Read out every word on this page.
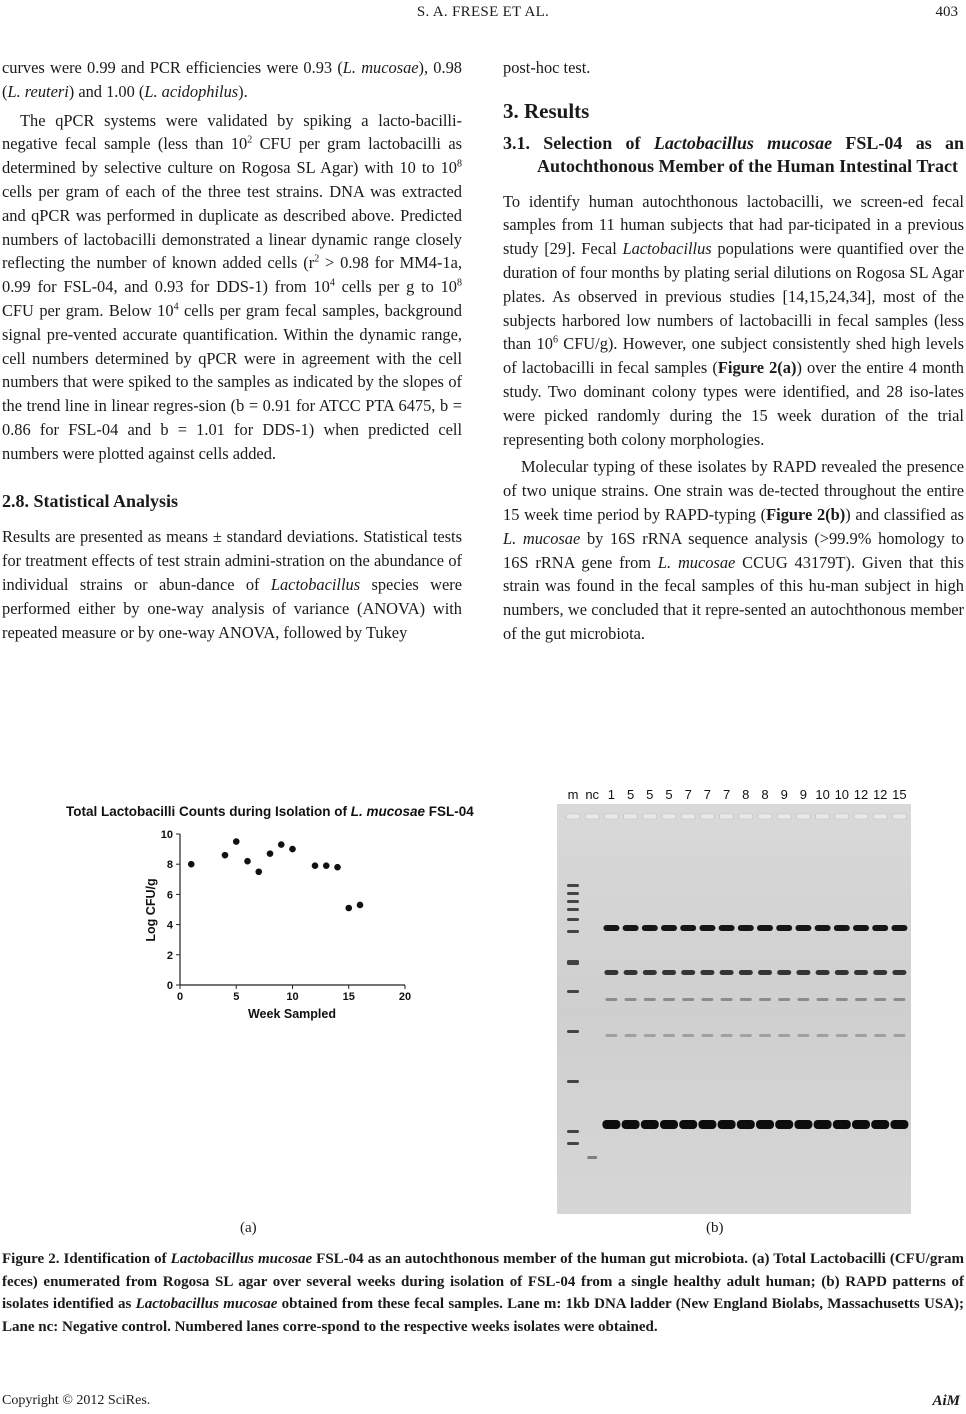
S. A. FRESE ET AL.	403

curves were 0.99 and PCR efficiencies were 0.93 (L. mucosae), 0.98 (L. reuteri) and 1.00 (L. acidophilus).

The qPCR systems were validated by spiking a lacto-bacilli-negative fecal sample (less than $10^2$ CFU per gram lactobacilli as determined by selective culture on Rogosa SL Agar) with 10 to $10^8$ cells per gram of each of the three test strains. DNA was extracted and qPCR was performed in duplicate as described above. Predicted numbers of lactobacilli demonstrated a linear dynamic range closely reflecting the number of known added cells ($r^2 > 0.98$ for MM4-1a, 0.99 for FSL-04, and 0.93 for DDS-1) from $10^4$ cells per g to $10^8$ CFU per gram. Below $10^4$ cells per gram fecal samples, background signal pre-vented accurate quantification. Within the dynamic range, cell numbers determined by qPCR were in agreement with the cell numbers that were spiked to the samples as indicated by the slopes of the trend line in linear regres-sion (b = 0.91 for ATCC PTA 6475, b = 0.86 for FSL-04 and b = 1.01 for DDS-1) when predicted cell numbers were plotted against cells added.

2.8. Statistical Analysis

Results are presented as means ± standard deviations. Statistical tests for treatment effects of test strain admini-stration on the abundance of individual strains or abun-dance of Lactobacillus species were performed either by one-way analysis of variance (ANOVA) with repeated measure or by one-way ANOVA, followed by Tukey

post-hoc test.

3. Results
3.1. Selection of Lactobacillus mucosae FSL-04 as an Autochthonous Member of the Human Intestinal Tract

To identify human autochthonous lactobacilli, we screen-ed fecal samples from 11 human subjects that had par-ticipated in a previous study [29]. Fecal Lactobacillus populations were quantified over the duration of four months by plating serial dilutions on Rogosa SL Agar plates. As observed in previous studies [14,15,24,34], most of the subjects harbored low numbers of lactobacilli in fecal samples (less than $10^6$ CFU/g). However, one subject consistently shed high levels of lactobacilli in fecal samples (Figure 2(a)) over the entire 4 month study. Two dominant colony types were identified, and 28 iso-lates were picked randomly during the 15 week duration of the trial representing both colony morphologies.

Molecular typing of these isolates by RAPD revealed the presence of two unique strains. One strain was de-tected throughout the entire 15 week time period by RAPD-typing (Figure 2(b)) and classified as L. mucosae by 16S rRNA sequence analysis (>99.9% homology to 16S rRNA gene from L. mucosae CCUG 43179T). Given that this strain was found in the fecal samples of this hu-man subject in high numbers, we concluded that it repre-sented an autochthonous member of the gut microbiota.

Total Lactobacilli Counts during Isolation of L. mucosae FSL-04
0	5	10	15	20
0
2
4
6
8
10
Week Sampled
Log CFU/g
(a)
m nc 1 5 5 5 7 7 7 8 8 9 9 10 10 12 12 15
(b)
Figure 2. Identification of Lactobacillus mucosae FSL-04 as an autochthonous member of the human gut microbiota. (a) Total Lactobacilli (CFU/gram feces) enumerated from Rogosa SL agar over several weeks during isolation of FSL-04 from a single healthy adult human; (b) RAPD patterns of isolates identified as Lactobacillus mucosae obtained from these fecal samples. Lane m: 1kb DNA ladder (New England Biolabs, Massachusetts USA); Lane nc: Negative control. Numbered lanes corre-spond to the respective weeks isolates were obtained.
Copyright © 2012 SciRes.	AiM
